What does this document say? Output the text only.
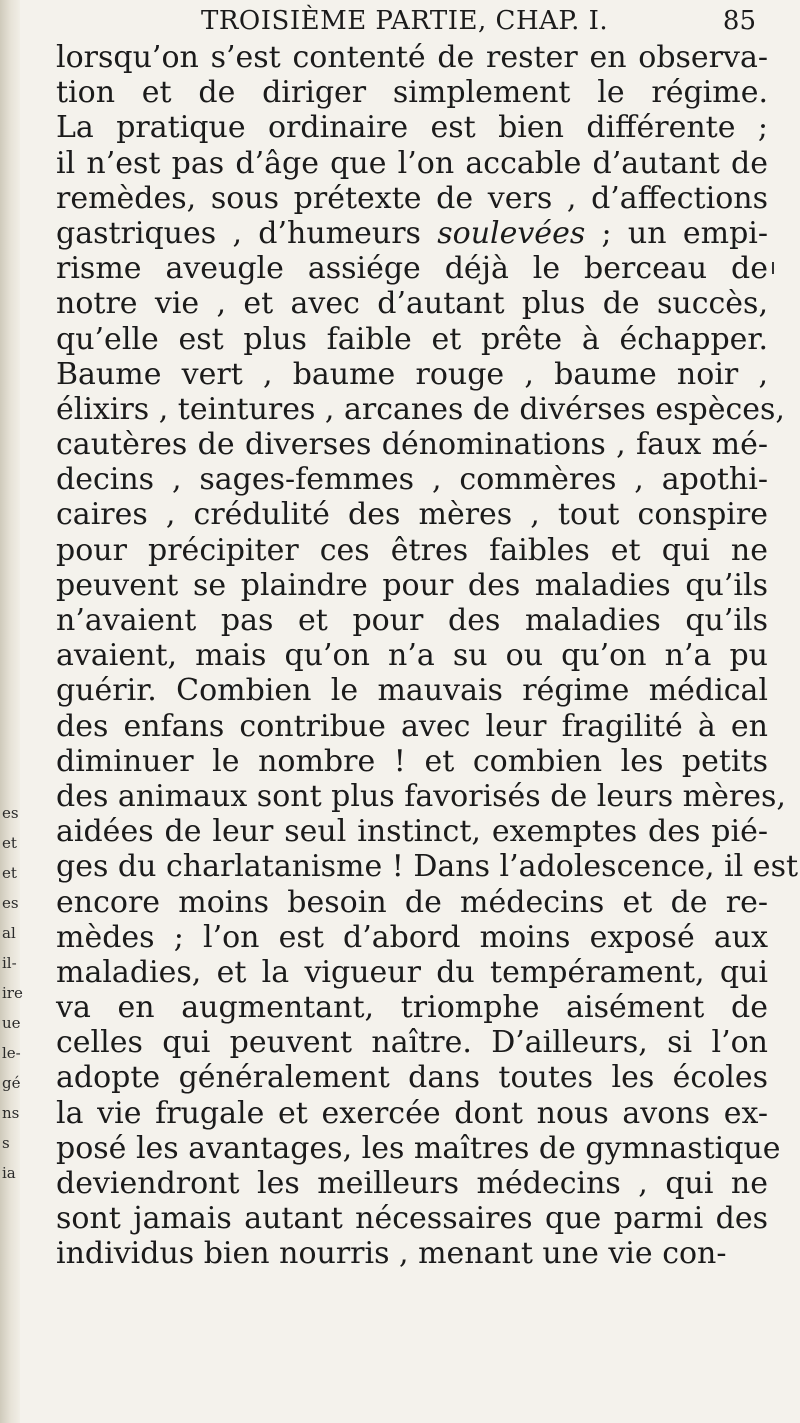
es
et
et
es
al
il-
ire
ue
le-
gé
ns
s
ia
TROISIÈME PARTIE, CHAP. I.	85
lorsqu’on s’est contenté de rester en observa-
tion et de diriger simplement le régime.
La pratique ordinaire est bien différente ;
il n’est pas d’âge que l’on accable d’autant de
remèdes, sous prétexte de vers , d’affections
gastriques , d’humeurs soulevées ; un empi-
risme aveugle assiége déjà le berceau de
notre vie , et avec d’autant plus de succès,
qu’elle est plus faible et prête à échapper.
Baume vert , baume rouge , baume noir ,
élixirs , teintures , arcanes de divérses espèces,
cautères de diverses dénominations , faux mé-
decins , sages-femmes , commères , apothi-
caires , crédulité des mères , tout conspire
pour précipiter ces êtres faibles et qui ne
peuvent se plaindre pour des maladies qu’ils
n’avaient pas et pour des maladies qu’ils
avaient, mais qu’on n’a su ou qu’on n’a pu
guérir. Combien le mauvais régime médical
des enfans contribue avec leur fragilité à en
diminuer le nombre ! et combien les petits
des animaux sont plus favorisés de leurs mères,
aidées de leur seul instinct, exemptes des pié-
ges du charlatanisme ! Dans l’adolescence, il est
encore moins besoin de médecins et de re-
mèdes ; l’on est d’abord moins exposé aux
maladies, et la vigueur du tempérament, qui
va en augmentant, triomphe aisément de
celles qui peuvent naître. D’ailleurs, si l’on
adopte généralement dans toutes les écoles
la vie frugale et exercée dont nous avons ex-
posé les avantages, les maîtres de gymnastique
deviendront les meilleurs médecins , qui ne
sont jamais autant nécessaires que parmi des
individus bien nourris , menant une vie con-
